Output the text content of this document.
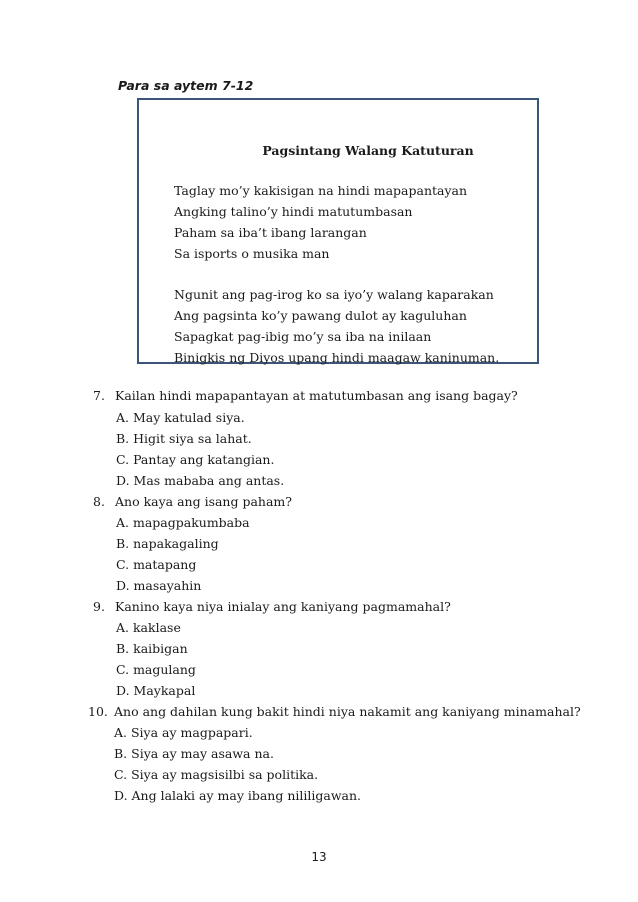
Para sa aytem 7-12
Pagsintang Walang Katuturan
Taglay mo’y kakisigan na hindi mapapantayan
Angking talino’y hindi matutumbasan
Paham sa iba’t ibang larangan
Sa isports o musika man
Ngunit ang pag-irog ko sa iyo’y walang kaparakan
Ang pagsinta ko’y pawang dulot ay kaguluhan
Sapagkat pag-ibig mo’y sa iba na inilaan
Binigkis ng Diyos upang hindi maagaw kaninuman.
7. Kailan hindi mapapantayan at matutumbasan ang isang bagay?
A. May katulad siya.
B. Higit siya sa lahat.
C. Pantay ang katangian.
D. Mas mababa ang antas.
8. Ano kaya ang isang paham?
A. mapagpakumbaba
B. napakagaling
C. matapang
D. masayahin
9. Kanino kaya niya inialay ang kaniyang pagmamahal?
A. kaklase
B. kaibigan
C. magulang
D. Maykapal
10. Ano ang dahilan kung bakit hindi niya nakamit ang kaniyang minamahal?
A. Siya ay magpapari.
B. Siya ay may asawa na.
C. Siya ay magsisilbi sa politika.
D. Ang lalaki ay may ibang nililigawan.
13
